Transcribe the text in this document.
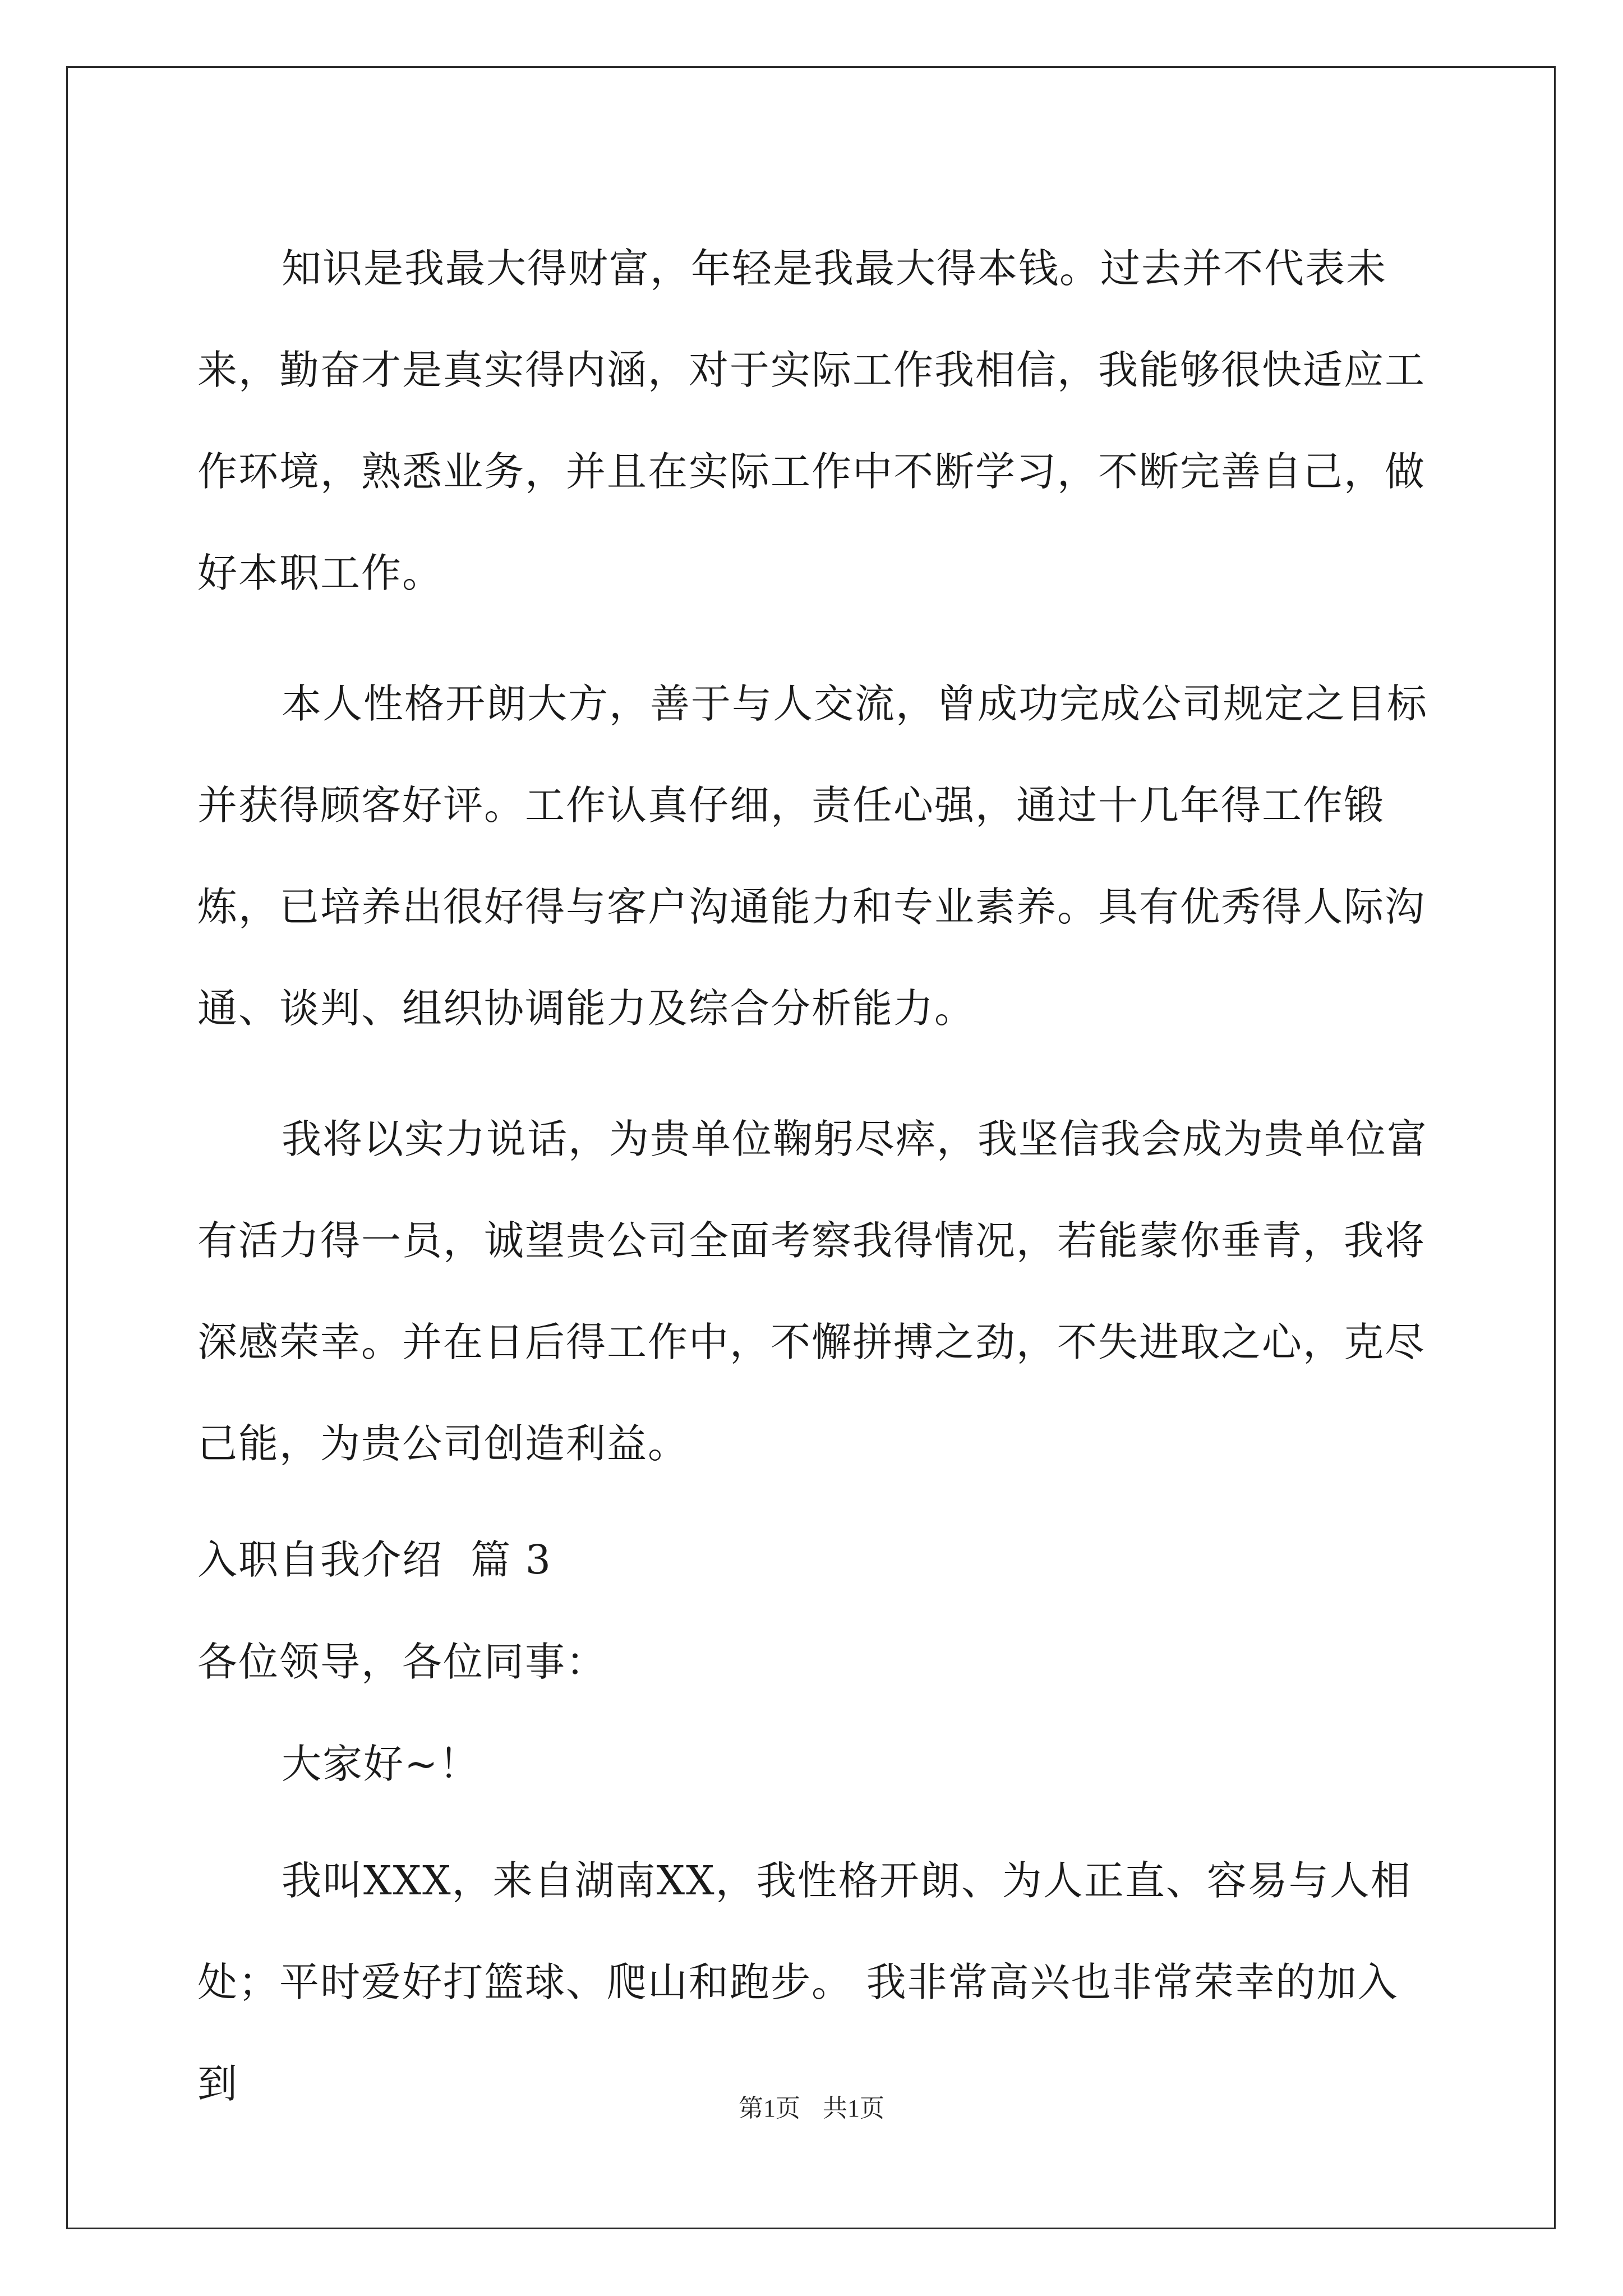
知识是我最大得财富，年轻是我最大得本钱。过去并不代表未来，勤奋才是真实得内涵，对于实际工作我相信，我能够很快适应工作环境，熟悉业务，并且在实际工作中不断学习，不断完善自己，做好本职工作。

本人性格开朗大方，善于与人交流，曾成功完成公司规定之目标并获得顾客好评。工作认真仔细，责任心强，通过十几年得工作锻炼，已培养出很好得与客户沟通能力和专业素养。具有优秀得人际沟通、谈判、组织协调能力及综合分析能力。

我将以实力说话，为贵单位鞠躬尽瘁，我坚信我会成为贵单位富有活力得一员，诚望贵公司全面考察我得情况，若能蒙你垂青，我将深感荣幸。并在日后得工作中，不懈拼搏之劲，不失进取之心，克尽己能，为贵公司创造利益。

入职自我介绍  篇 3

各位领导，各位同事：

大家好~！

我叫XXX，来自湖南XX，我性格开朗、为人正直、容易与人相处；平时爱好打篮球、爬山和跑步。 我非常高兴也非常荣幸的加入到

第1页 共1页
